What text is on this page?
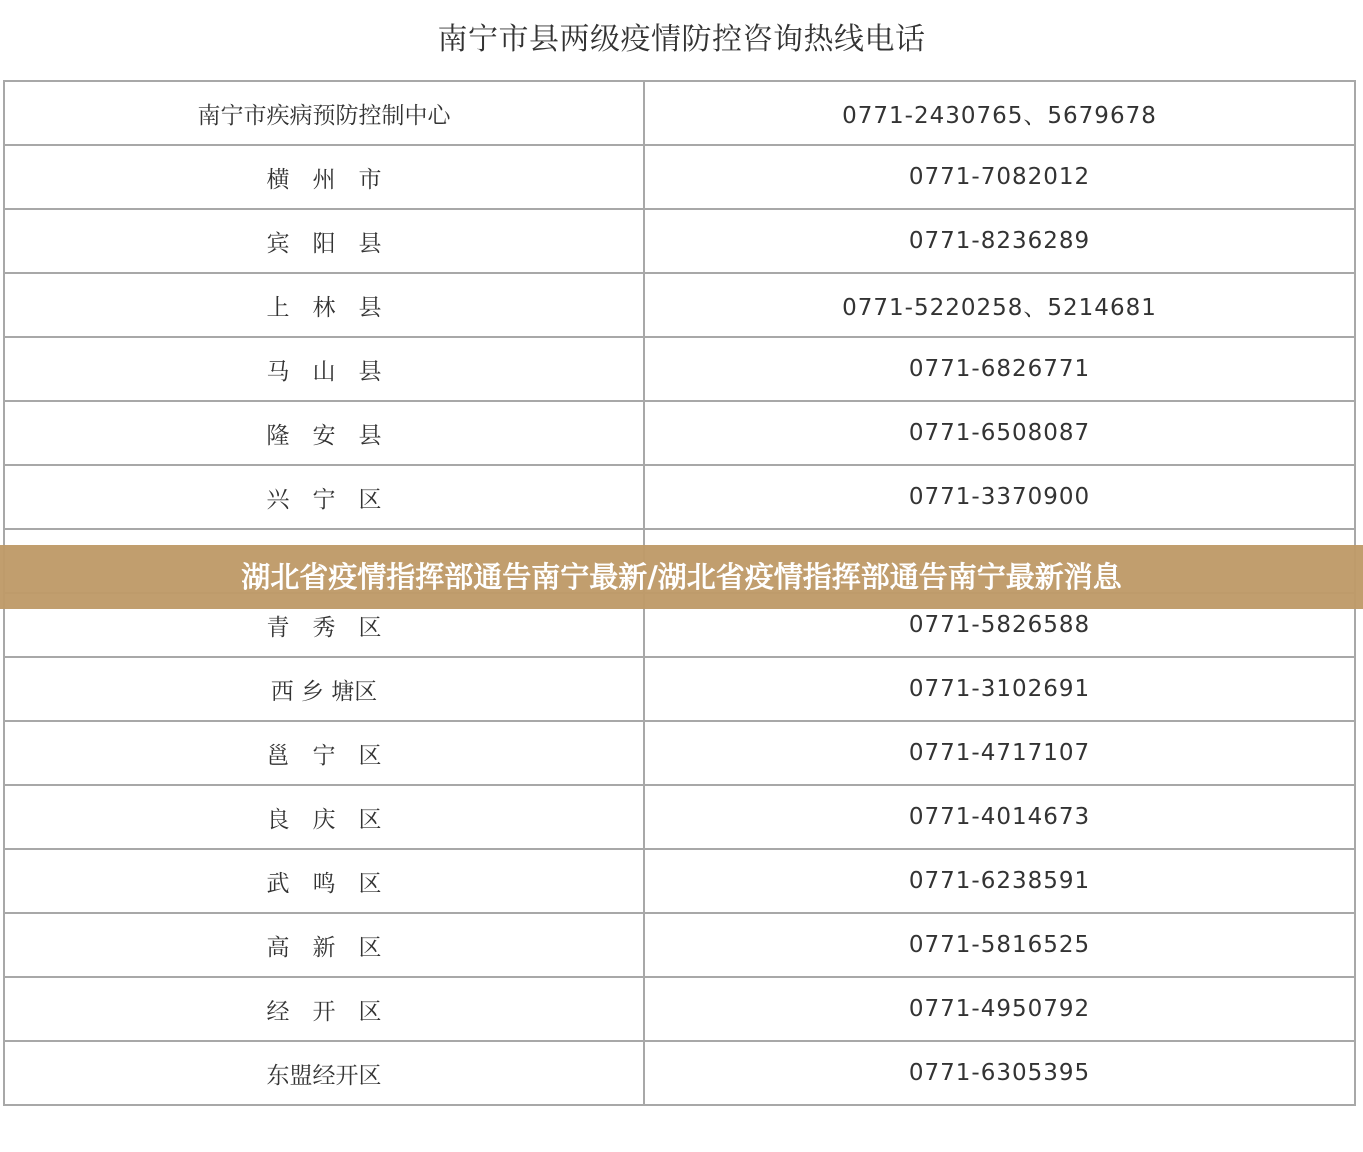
南宁市县两级疫情防控咨询热线电话
南宁市疾病预防控制中心	0771-2430765、5679678
横　州　市	0771-7082012
宾　阳　县	0771-8236289
上　林　县	0771-5220258、5214681
马　山　县	0771-6826771
隆　安　县	0771-6508087
兴　宁　区	0771-3370900

青　秀　区	0771-5826588
西 乡 塘区	0771-3102691
邕　宁　区	0771-4717107
良　庆　区	0771-4014673
武　鸣　区	0771-6238591
高　新　区	0771-5816525
经　开　区	0771-4950792
东盟经开区	0771-6305395
湖北省疫情指挥部通告南宁最新/湖北省疫情指挥部通告南宁最新消息
